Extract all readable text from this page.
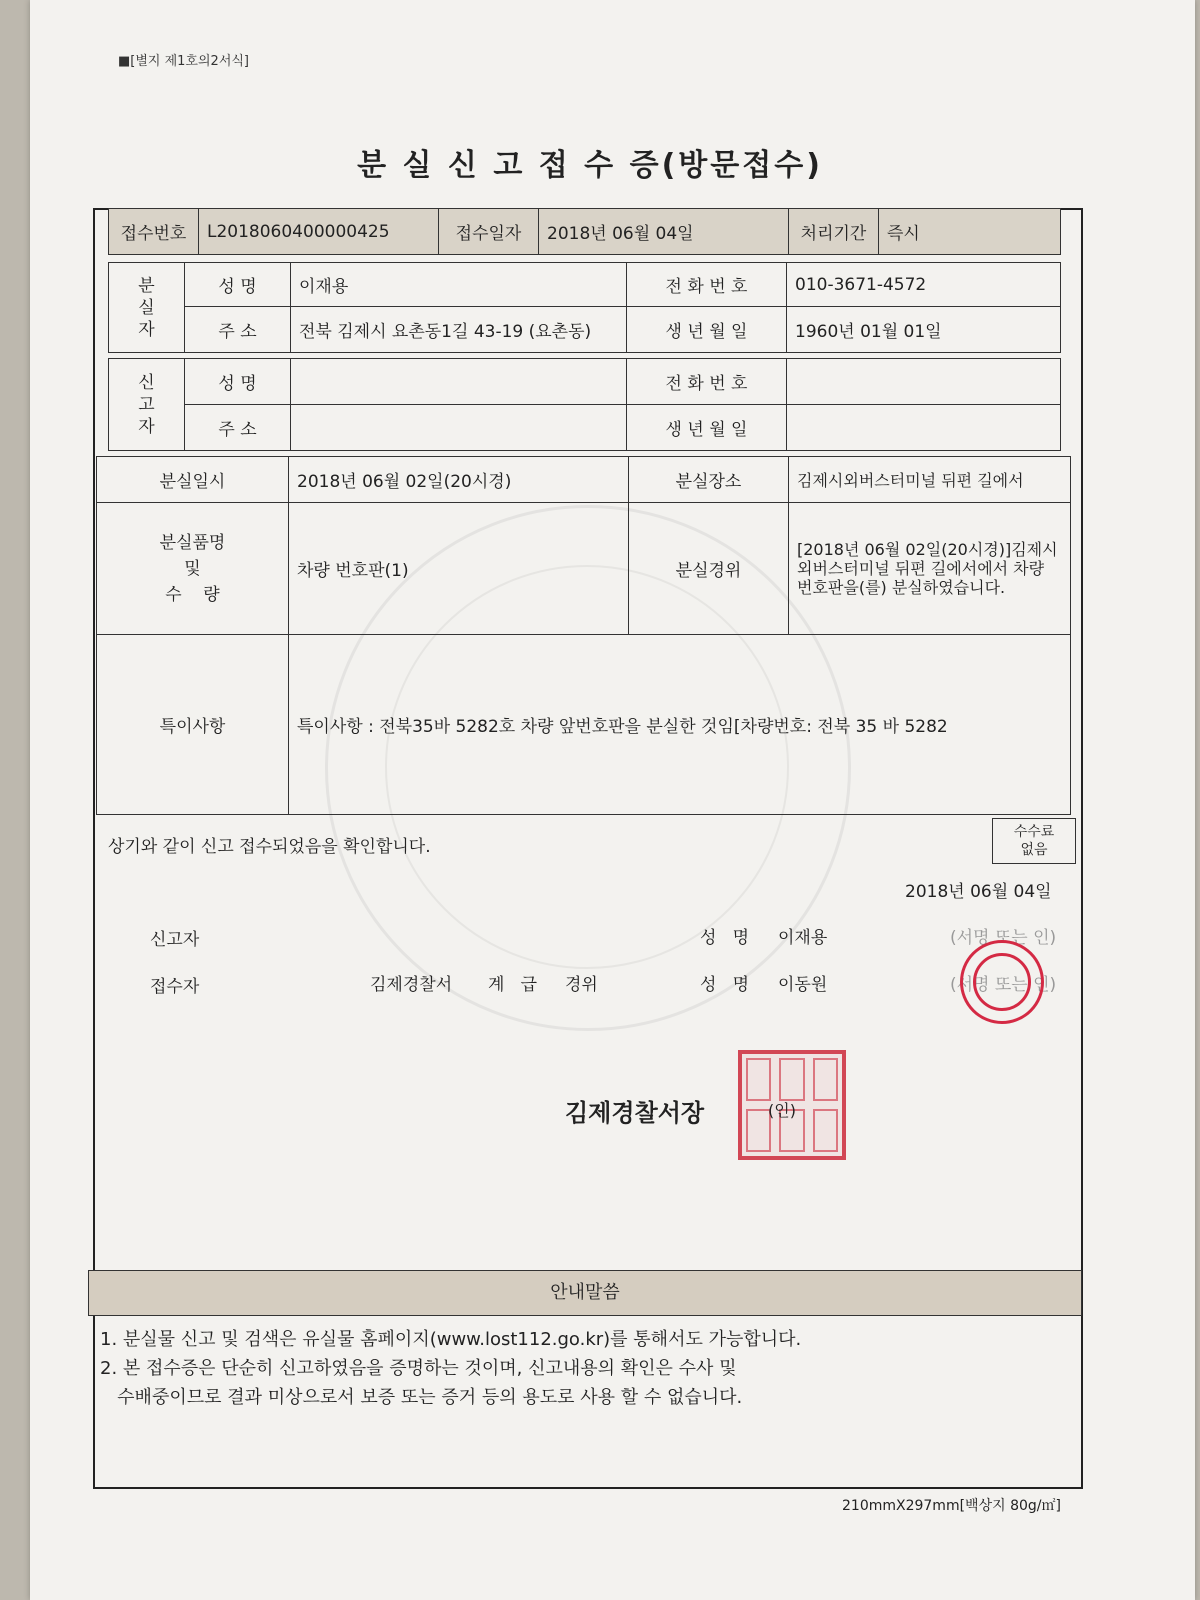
■[별지 제1호의2서식]
분 실 신 고 접 수 증(방문접수)
접수번호	L2018060400000425	접수일자	2018년 06월 04일	처리기간	즉시
분실자	성 명	이재용	전 화 번 호	010-3671-4572
	주 소	전북 김제시 요촌동1길 43-19 (요촌동)	생 년 월 일	1960년 01월 01일
신고자	성 명		전 화 번 호	
	주 소		생 년 월 일	
분실일시	2018년 06월 02일(20시경)	분실장소	김제시외버스터미널 뒤편 길에서

분실품명
및
수    량	차량 번호판(1)	분실경위	[2018년 06월 02일(20시경)]김제시외버스터미널 뒤편 길에서에서 차량 번호판을(를) 분실하였습니다.
특이사항	특이사항 : 전북35바 5282호 차량 앞번호판을 분실한 것임[차량번호: 전북 35 바 5282		
상기와 같이 신고 접수되었음을 확인합니다.
수수료
없음
2018년 06월 04일
신고자	성   명 이재용	(서명 또는 인)
접수자	김제경찰서 계   급 경위	성   명 이동원	(서명 또는 인)
김제경찰서장	(인)
안내말씀
1. 분실물 신고 및 검색은 유실물 홈페이지(www.lost112.go.kr)를 통해서도 가능합니다.
2. 본 접수증은 단순히 신고하였음을 증명하는 것이며, 신고내용의 확인은 수사 및
수배중이므로 결과 미상으로서 보증 또는 증거 등의 용도로 사용 할 수 없습니다.
210mmX297mm[백상지 80g/㎡]
